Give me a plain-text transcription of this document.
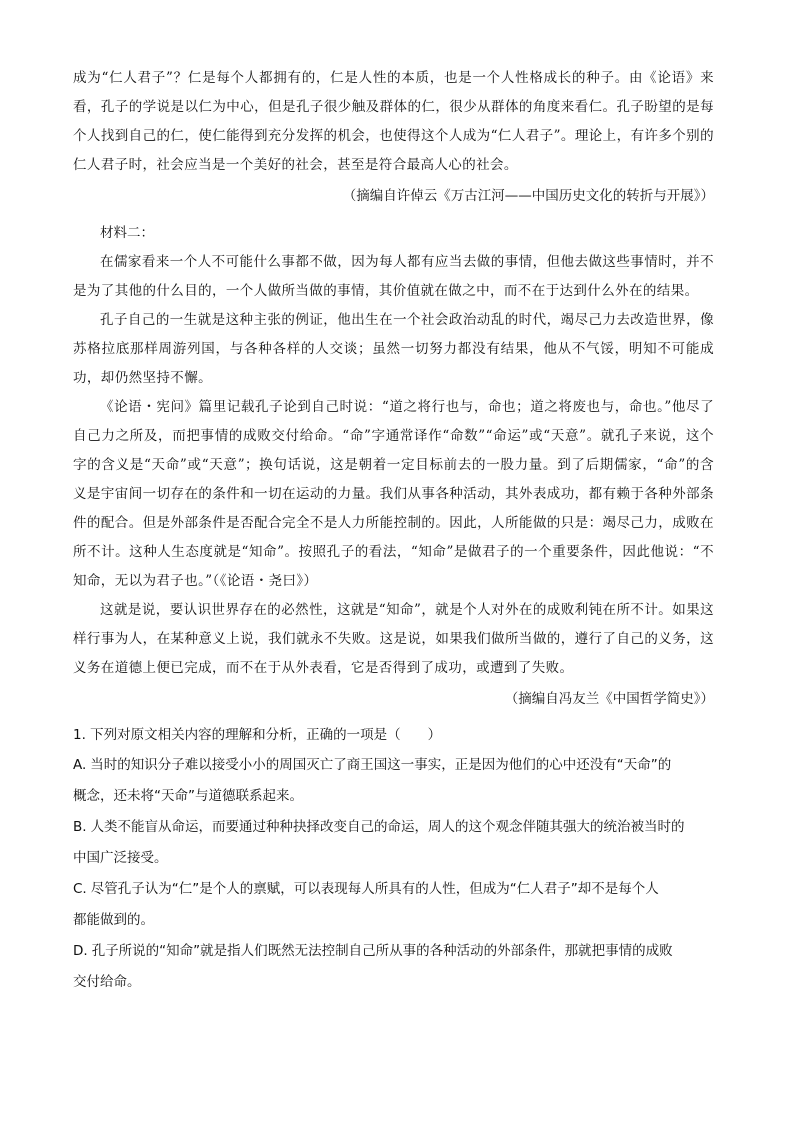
成为“仁人君子”？仁是每个人都拥有的，仁是人性的本质，也是一个人性格成长的种子。由《论语》来看，孔子的学说是以仁为中心，但是孔子很少触及群体的仁，很少从群体的角度来看仁。孔子盼望的是每个人找到自己的仁，使仁能得到充分发挥的机会，也使得这个人成为“仁人君子”。理论上，有许多个别的仁人君子时，社会应当是一个美好的社会，甚至是符合最高人心的社会。

（摘编自许倬云《万古江河——中国历史文化的转折与开展》）

材料二：

在儒家看来一个人不可能什么事都不做，因为每人都有应当去做的事情，但他去做这些事情时，并不是为了其他的什么目的，一个人做所当做的事情，其价值就在做之中，而不在于达到什么外在的结果。

孔子自己的一生就是这种主张的例证，他出生在一个社会政治动乱的时代，竭尽己力去改造世界，像苏格拉底那样周游列国，与各种各样的人交谈；虽然一切努力都没有结果，他从不气馁，明知不可能成功，却仍然坚持不懈。

《论语・宪问》篇里记载孔子论到自己时说：“道之将行也与，命也；道之将废也与，命也。”他尽了自己力之所及，而把事情的成败交付给命。“命”字通常译作“命数”“命运”或“天意”。就孔子来说，这个字的含义是“天命”或“天意”；换句话说，这是朝着一定目标前去的一股力量。到了后期儒家，“命”的含义是宇宙间一切存在的条件和一切在运动的力量。我们从事各种活动，其外表成功，都有赖于各种外部条件的配合。但是外部条件是否配合完全不是人力所能控制的。因此，人所能做的只是：竭尽己力，成败在所不计。这种人生态度就是“知命”。按照孔子的看法，“知命”是做君子的一个重要条件，因此他说：“不知命，无以为君子也。”（《论语・尧曰》）

这就是说，要认识世界存在的必然性，这就是“知命”，就是个人对外在的成败利钝在所不计。如果这样行事为人，在某种意义上说，我们就永不失败。这是说，如果我们做所当做的，遵行了自己的义务，这义务在道德上便已完成，而不在于从外表看，它是否得到了成功，或遭到了失败。

（摘编自冯友兰《中国哲学简史》）

1. 下列对原文相关内容的理解和分析，正确的一项是（　　）

A. 当时的知识分子难以接受小小的周国灭亡了商王国这一事实，正是因为他们的心中还没有“天命”的
概念，还未将“天命”与道德联系起来。

B. 人类不能盲从命运，而要通过种种抉择改变自己的命运，周人的这个观念伴随其强大的统治被当时的
中国广泛接受。

C. 尽管孔子认为“仁”是个人的禀赋，可以表现每人所具有的人性，但成为“仁人君子”却不是每个人
都能做到的。

D. 孔子所说的“知命”就是指人们既然无法控制自己所从事的各种活动的外部条件，那就把事情的成败
交付给命。
